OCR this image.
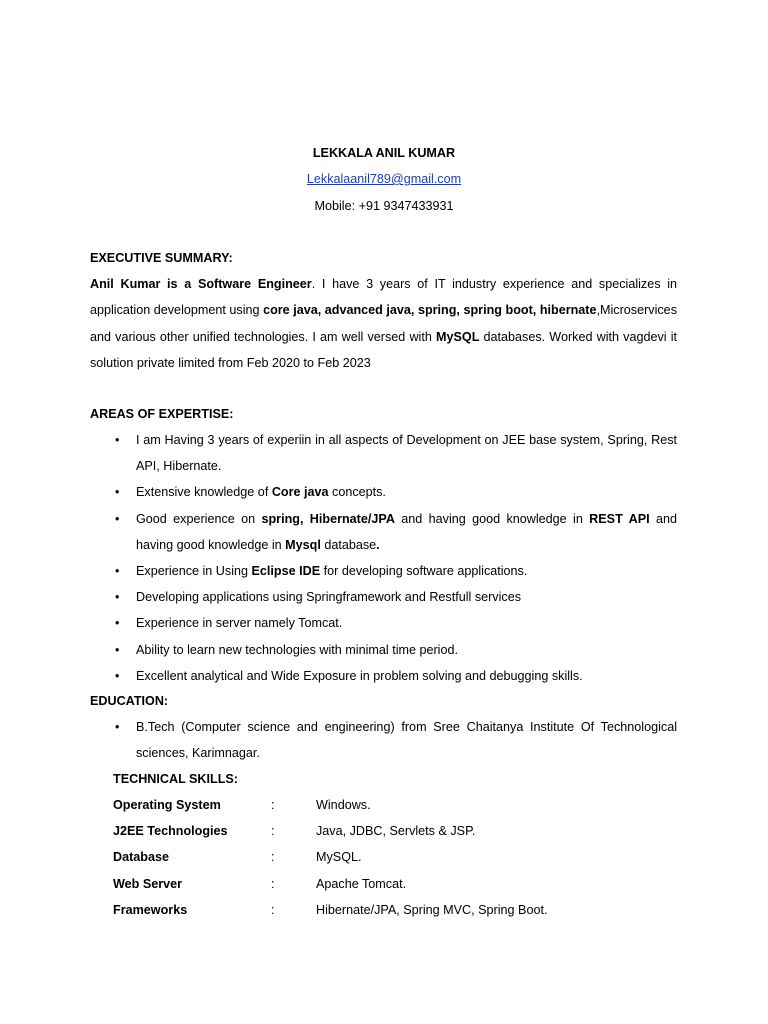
LEKKALA ANIL KUMAR
Lekkalaanil789@gmail.com
Mobile: +91 9347433931
EXECUTIVE SUMMARY:
Anil Kumar is a Software Engineer. I have 3 years of IT industry experience and specializes in application development using core java, advanced java, spring, spring boot, hibernate,Microservices and various other unified technologies. I am well versed with MySQL databases. Worked with vagdevi it solution private limited from Feb 2020 to Feb 2023
AREAS OF EXPERTISE:
• I am Having 3 years of experiin in all aspects of Development on JEE base system, Spring, Rest API, Hibernate.
• Extensive knowledge of Core java concepts.
• Good experience on spring, Hibernate/JPA and having good knowledge in REST API and having good knowledge in Mysql database.
• Experience in Using Eclipse IDE for developing software applications.
• Developing applications using Springframework and Restfull services
• Experience in server namely Tomcat.
• Ability to learn new technologies with minimal time period.
• Excellent analytical and Wide Exposure in problem solving and debugging skills.
EDUCATION:
• B.Tech (Computer science and engineering) from Sree Chaitanya Institute Of Technological sciences, Karimnagar.
TECHNICAL SKILLS:
Operating System	:	Windows.
J2EE Technologies	:	Java, JDBC, Servlets & JSP.
Database	:	MySQL.
Web Server	:	Apache Tomcat.
Frameworks	:	Hibernate/JPA, Spring MVC, Spring Boot.
